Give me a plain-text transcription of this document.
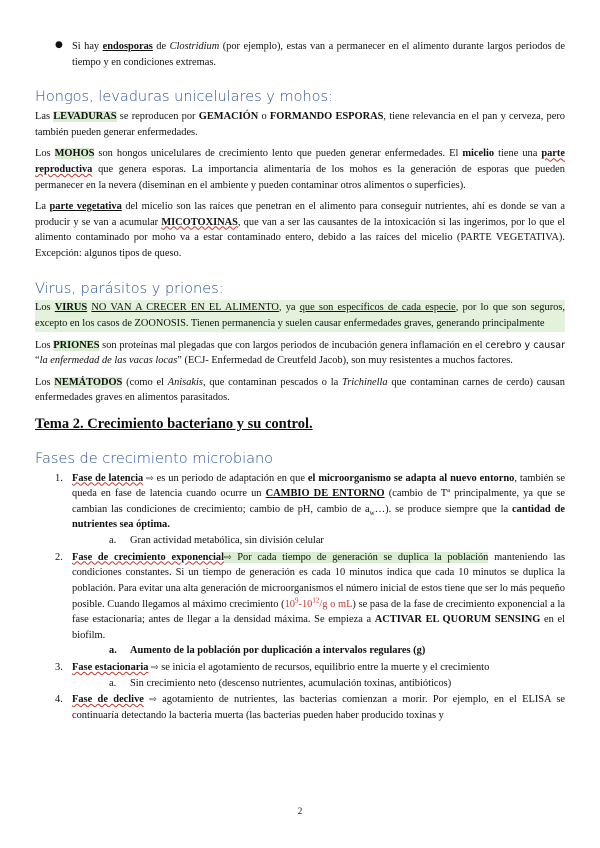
● Si hay endosporas de Clostridium (por ejemplo), estas van a permanecer en el alimento durante largos periodos de tiempo y en condiciones extremas.
Hongos, levaduras unicelulares y mohos:

Las LEVADURAS se reproducen por GEMACIÓN o FORMANDO ESPORAS, tiene relevancia en el pan y cerveza, pero también pueden generar enfermedades.

Los MOHOS son hongos unicelulares de crecimiento lento que pueden generar enfermedades. El micelio tiene una parte reproductiva que genera esporas. La importancia alimentaria de los mohos es la generación de esporas que pueden permanecer en la nevera (diseminan en el ambiente y pueden contaminar otros alimentos o superficies).

La parte vegetativa del micelio son las raíces que penetran en el alimento para conseguir nutrientes, ahí es donde se van a producir y se van a acumular MICOTOXINAS, que van a ser las causantes de la intoxicación si las ingerimos, por lo que el alimento contaminado por moho va a estar contaminado entero, debido a las raíces del micelio (PARTE VEGETATIVA). Excepción: algunos tipos de queso.

Virus, parásitos y priones:

Los VIRUS NO VAN A CRECER EN EL ALIMENTO, ya que son específicos de cada especie, por lo que son seguros, excepto en los casos de ZOONOSIS. Tienen permanencia y suelen causar enfermedades graves, generando principalmente

Los PRIONES son proteínas mal plegadas que con largos periodos de incubación genera inflamación en el cerebro y causar “la enfermedad de las vacas locas” (ECJ- Enfermedad de Creutfeld Jacob), son muy resistentes a muchos factores.

Los NEMÁTODOS (como el Anisakis, que contaminan pescados o la Trichinella que contaminan carnes de cerdo) causan enfermedades graves en alimentos parasitados.

Tema 2. Crecimiento bacteriano y su control.
Fases de crecimiento microbiano
1. Fase de latencia ⇨ es un periodo de adaptación en que el microorganismo se adapta al nuevo entorno, también se queda en fase de latencia cuando ocurre un CAMBIO DE ENTORNO (cambio de Tª principalmente, ya que se cambian las condiciones de crecimiento; cambio de pH, cambio de $a_w\dots$). se produce siempre que la cantidad de nutrientes sea óptima.
a. Gran actividad metabólica, sin división celular
2. Fase de crecimiento exponencial⇨ Por cada tiempo de generación se duplica la población manteniendo las condiciones constantes. Si un tiempo de generación es cada 10 minutos indica que cada 10 minutos se duplica la población. Para evitar una alta generación de microorganismos el número inicial de estos tiene que ser lo más pequeño posible. Cuando llegamos al máximo crecimiento ($10^9-10^{12}/g$ o mL) se pasa de la fase de crecimiento exponencial a la fase estacionaria; antes de llegar a la densidad máxima. Se empieza a ACTIVAR EL QUORUM SENSING en el biofilm.
a. Aumento de la población por duplicación a intervalos regulares (g)
3. Fase estacionaria ⇨ se inicia el agotamiento de recursos, equilibrio entre la muerte y el crecimiento
a. Sin crecimiento neto (descenso nutrientes, acumulación toxinas, antibióticos)
4. Fase de declive ⇨ agotamiento de nutrientes, las bacterias comienzan a morir. Por ejemplo, en el ELISA se continuaría detectando la bacteria muerta (las bacterias pueden haber producido toxinas y
2
